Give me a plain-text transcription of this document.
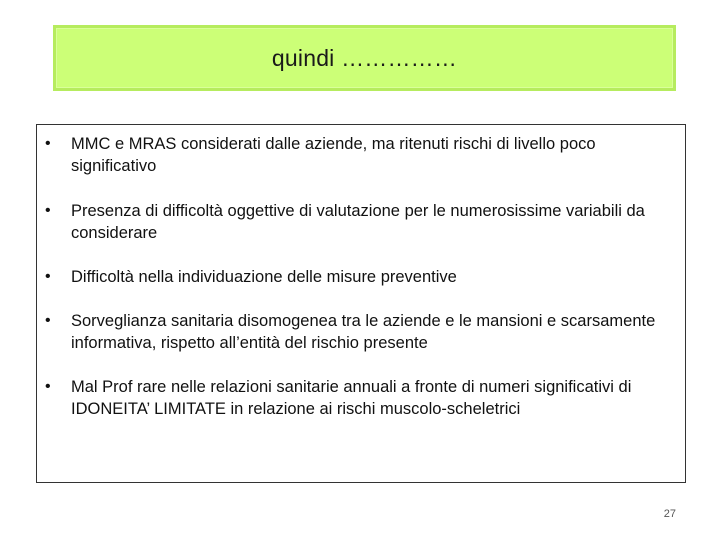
quindi ……………
• MMC e MRAS considerati dalle aziende, ma ritenuti rischi di livello poco significativo
• Presenza di difficoltà oggettive di valutazione per le numerosissime variabili da considerare
• Difficoltà nella individuazione delle misure preventive
• Sorveglianza sanitaria disomogenea tra le aziende e le mansioni e scarsamente informativa, rispetto all’entità del rischio presente
• Mal Prof rare nelle relazioni sanitarie annuali a fronte di numeri significativi di IDONEITA’ LIMITATE in relazione ai rischi muscolo-scheletrici
27
